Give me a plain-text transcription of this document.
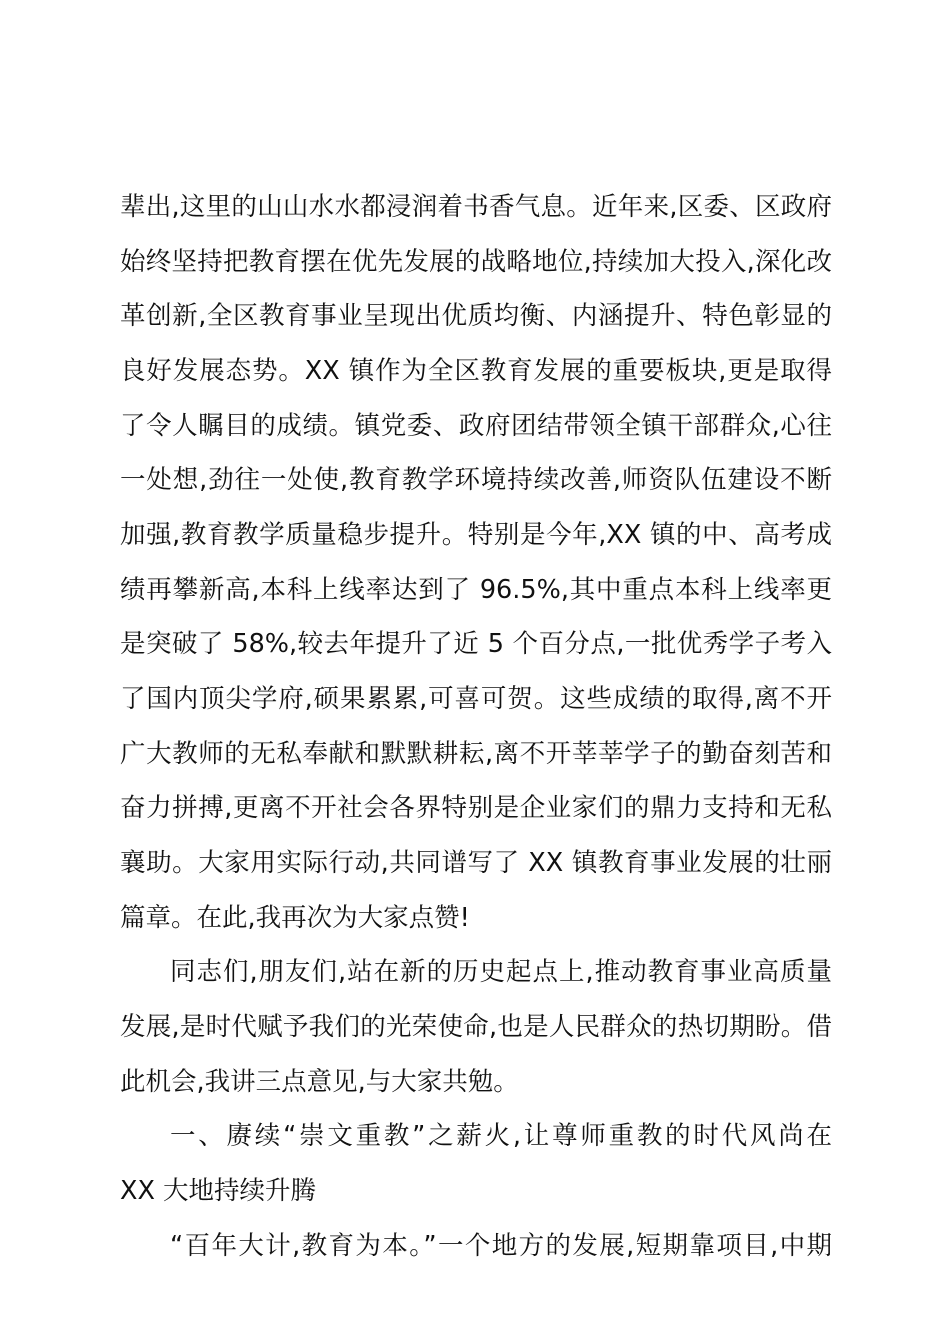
辈出,这里的山山水水都浸润着书香气息。近年来,区委、区政府
始终坚持把教育摆在优先发展的战略地位,持续加大投入,深化改
革创新,全区教育事业呈现出优质均衡、内涵提升、特色彰显的
良好发展态势。XX 镇作为全区教育发展的重要板块,更是取得
了令人瞩目的成绩。镇党委、政府团结带领全镇干部群众,心往
一处想,劲往一处使,教育教学环境持续改善,师资队伍建设不断
加强,教育教学质量稳步提升。特别是今年,XX 镇的中、高考成
绩再攀新高,本科上线率达到了 96.5%,其中重点本科上线率更
是突破了 58%,较去年提升了近 5 个百分点,一批优秀学子考入
了国内顶尖学府,硕果累累,可喜可贺。这些成绩的取得,离不开
广大教师的无私奉献和默默耕耘,离不开莘莘学子的勤奋刻苦和
奋力拼搏,更离不开社会各界特别是企业家们的鼎力支持和无私
襄助。大家用实际行动,共同谱写了 XX 镇教育事业发展的壮丽
篇章。在此,我再次为大家点赞!
同志们,朋友们,站在新的历史起点上,推动教育事业高质量
发展,是时代赋予我们的光荣使命,也是人民群众的热切期盼。借
此机会,我讲三点意见,与大家共勉。
一、赓续“崇文重教”之薪火,让尊师重教的时代风尚在
XX 大地持续升腾
“百年大计,教育为本。”一个地方的发展,短期靠项目,中期
